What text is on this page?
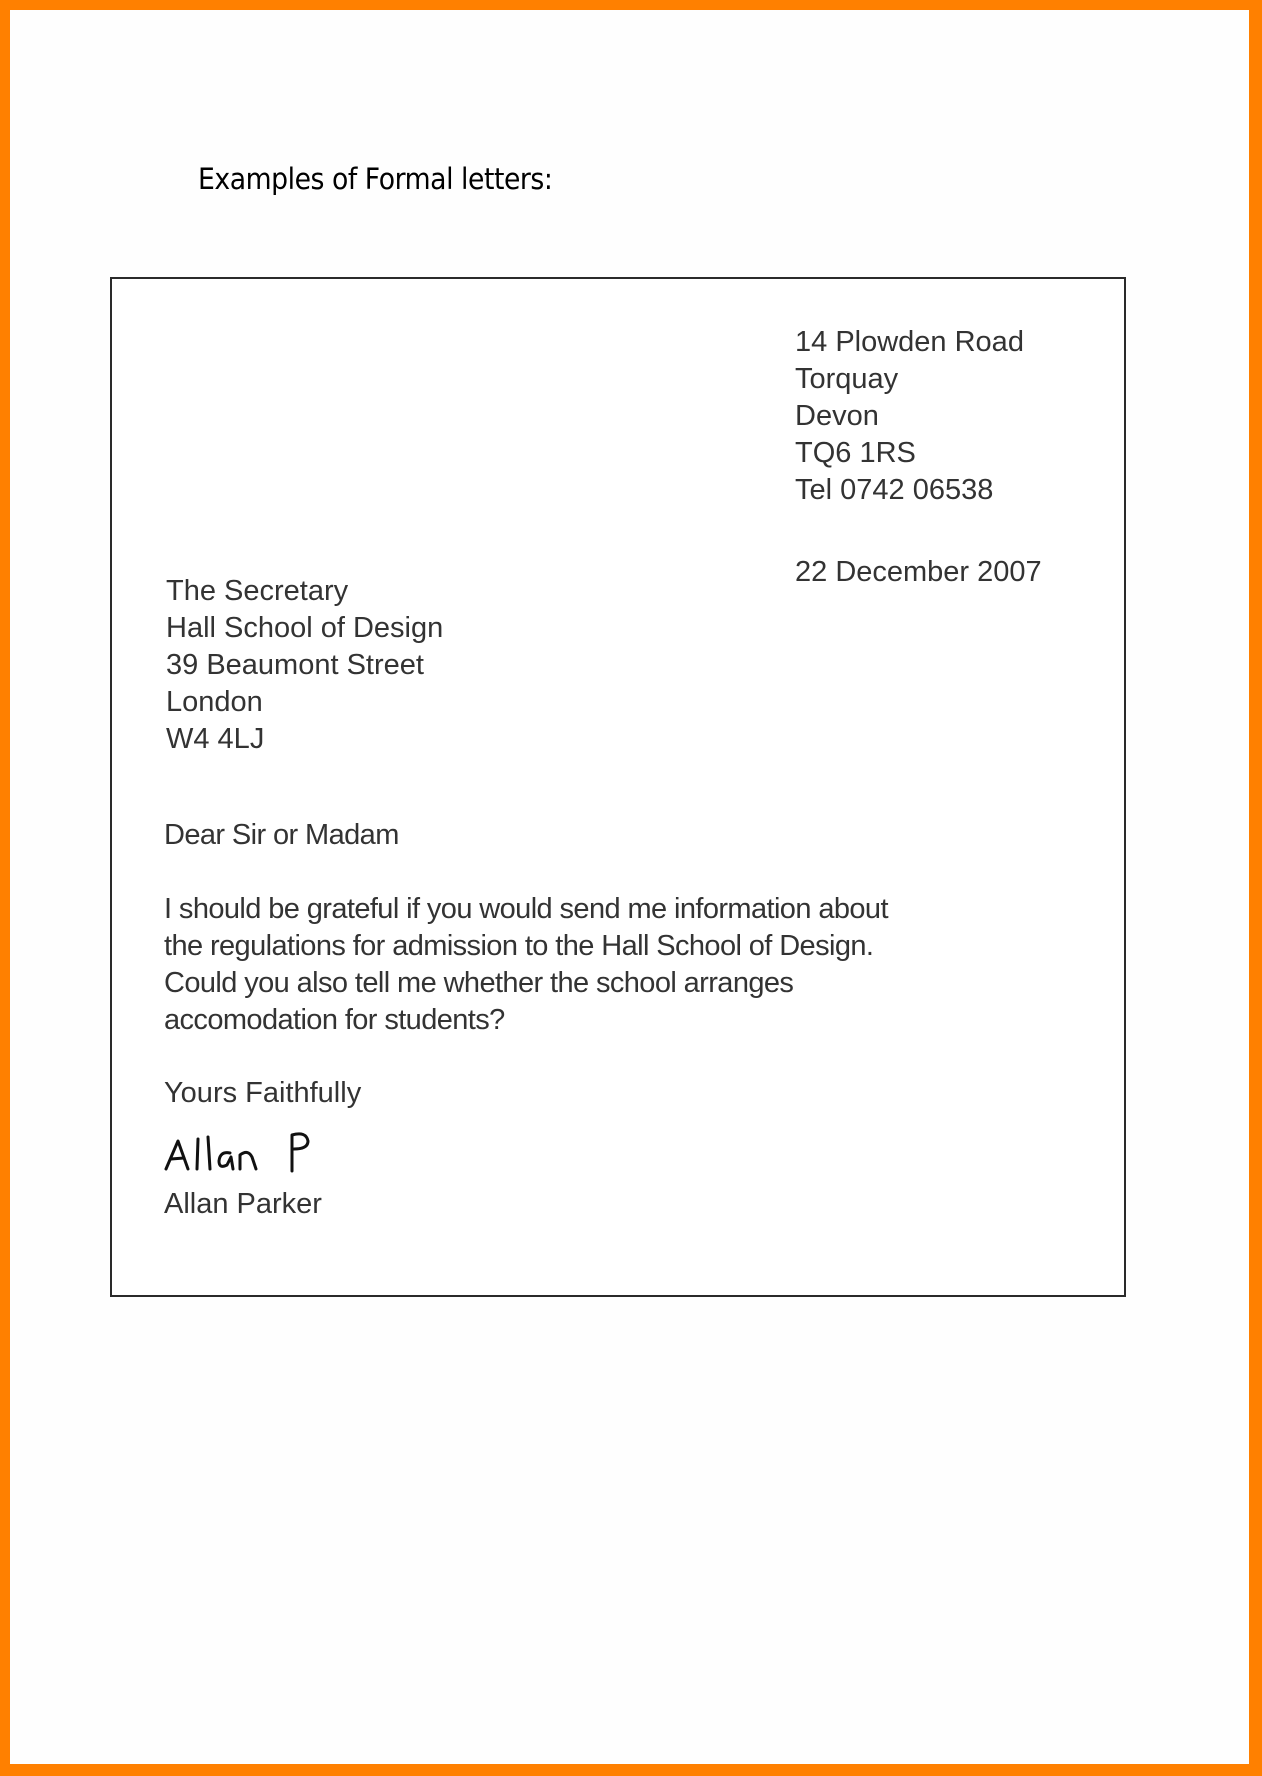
Examples of Formal letters:
14 Plowden Road
Torquay
Devon
TQ6 1RS
Tel 0742 06538
22 December 2007
The Secretary
Hall School of Design
39 Beaumont Street
London
W4 4LJ
Dear Sir or Madam
I should be grateful if you would send me information about
the regulations for admission to the Hall School of Design.
Could you also tell me whether the school arranges
accomodation for students?
Yours Faithfully
Allan Parker
